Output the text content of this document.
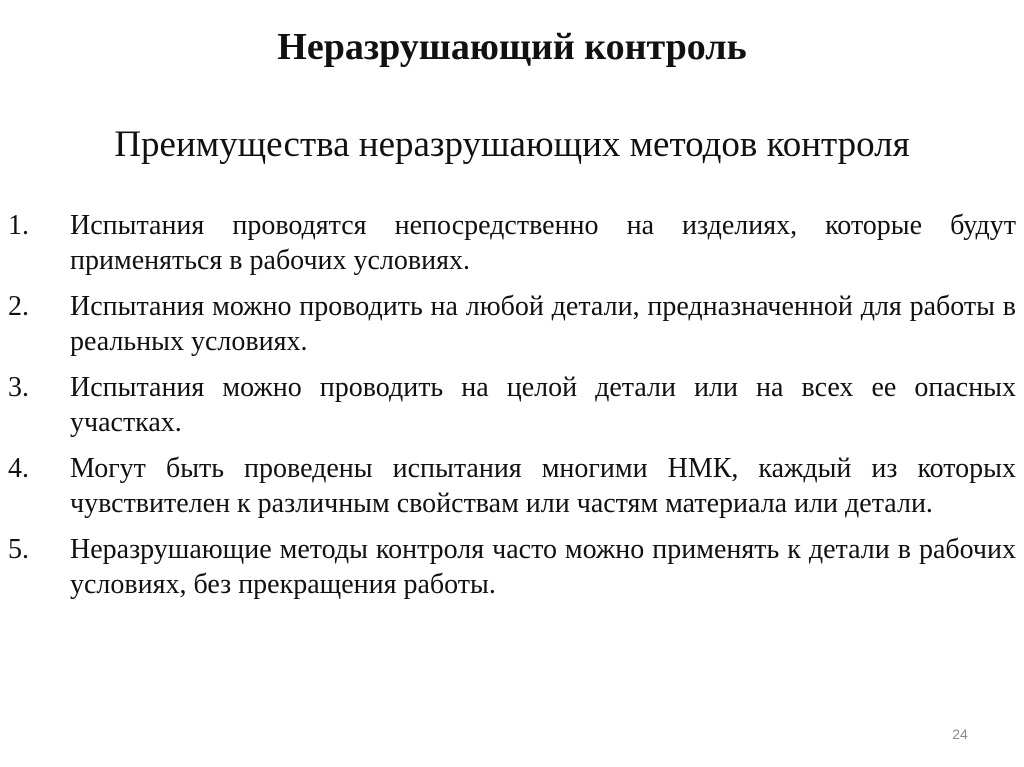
Неразрушающий контроль
Преимущества неразрушающих методов контроля
1.	Испытания проводятся непосредственно на изделиях, которые будут применяться в рабочих условиях.
2.	Испытания можно проводить на любой детали, предназначенной для работы в реальных условиях.
3.	Испытания можно проводить на целой детали или на всех ее опасных участках.
4.	Могут быть проведены испытания многими НМК, каждый из которых чувствителен к различным свойствам или частям материала или детали.
5.	Неразрушающие методы контроля часто можно применять к детали в рабочих условиях, без прекращения работы.
24
